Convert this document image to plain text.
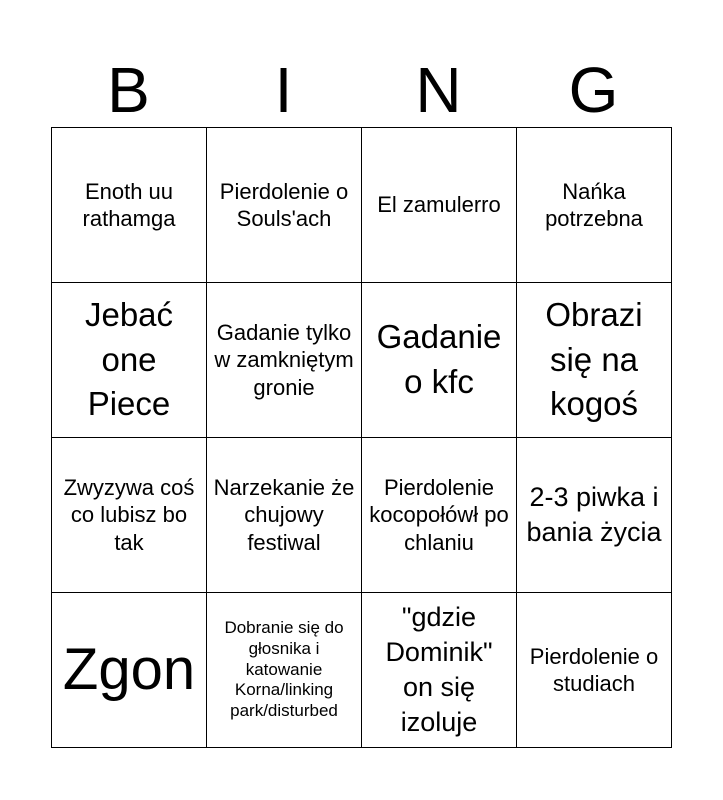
B	I	N	G
Enoth uu rathamga
Pierdolenie o Souls'ach
El zamulerro
Nańka potrzebna
Jebać one Piece
Gadanie tylko w zamkniętym gronie
Gadanie o kfc
Obrazi się na kogoś
Zwyzywa coś co lubisz bo tak
Narzekanie że chujowy festiwal
Pierdolenie kocopołówł po chlaniu
2-3 piwka i bania życia
Zgon
Dobranie się do głosnika i katowanie Korna/linking park/disturbed
"gdzie Dominik" on się izoluje
Pierdolenie o studiach
